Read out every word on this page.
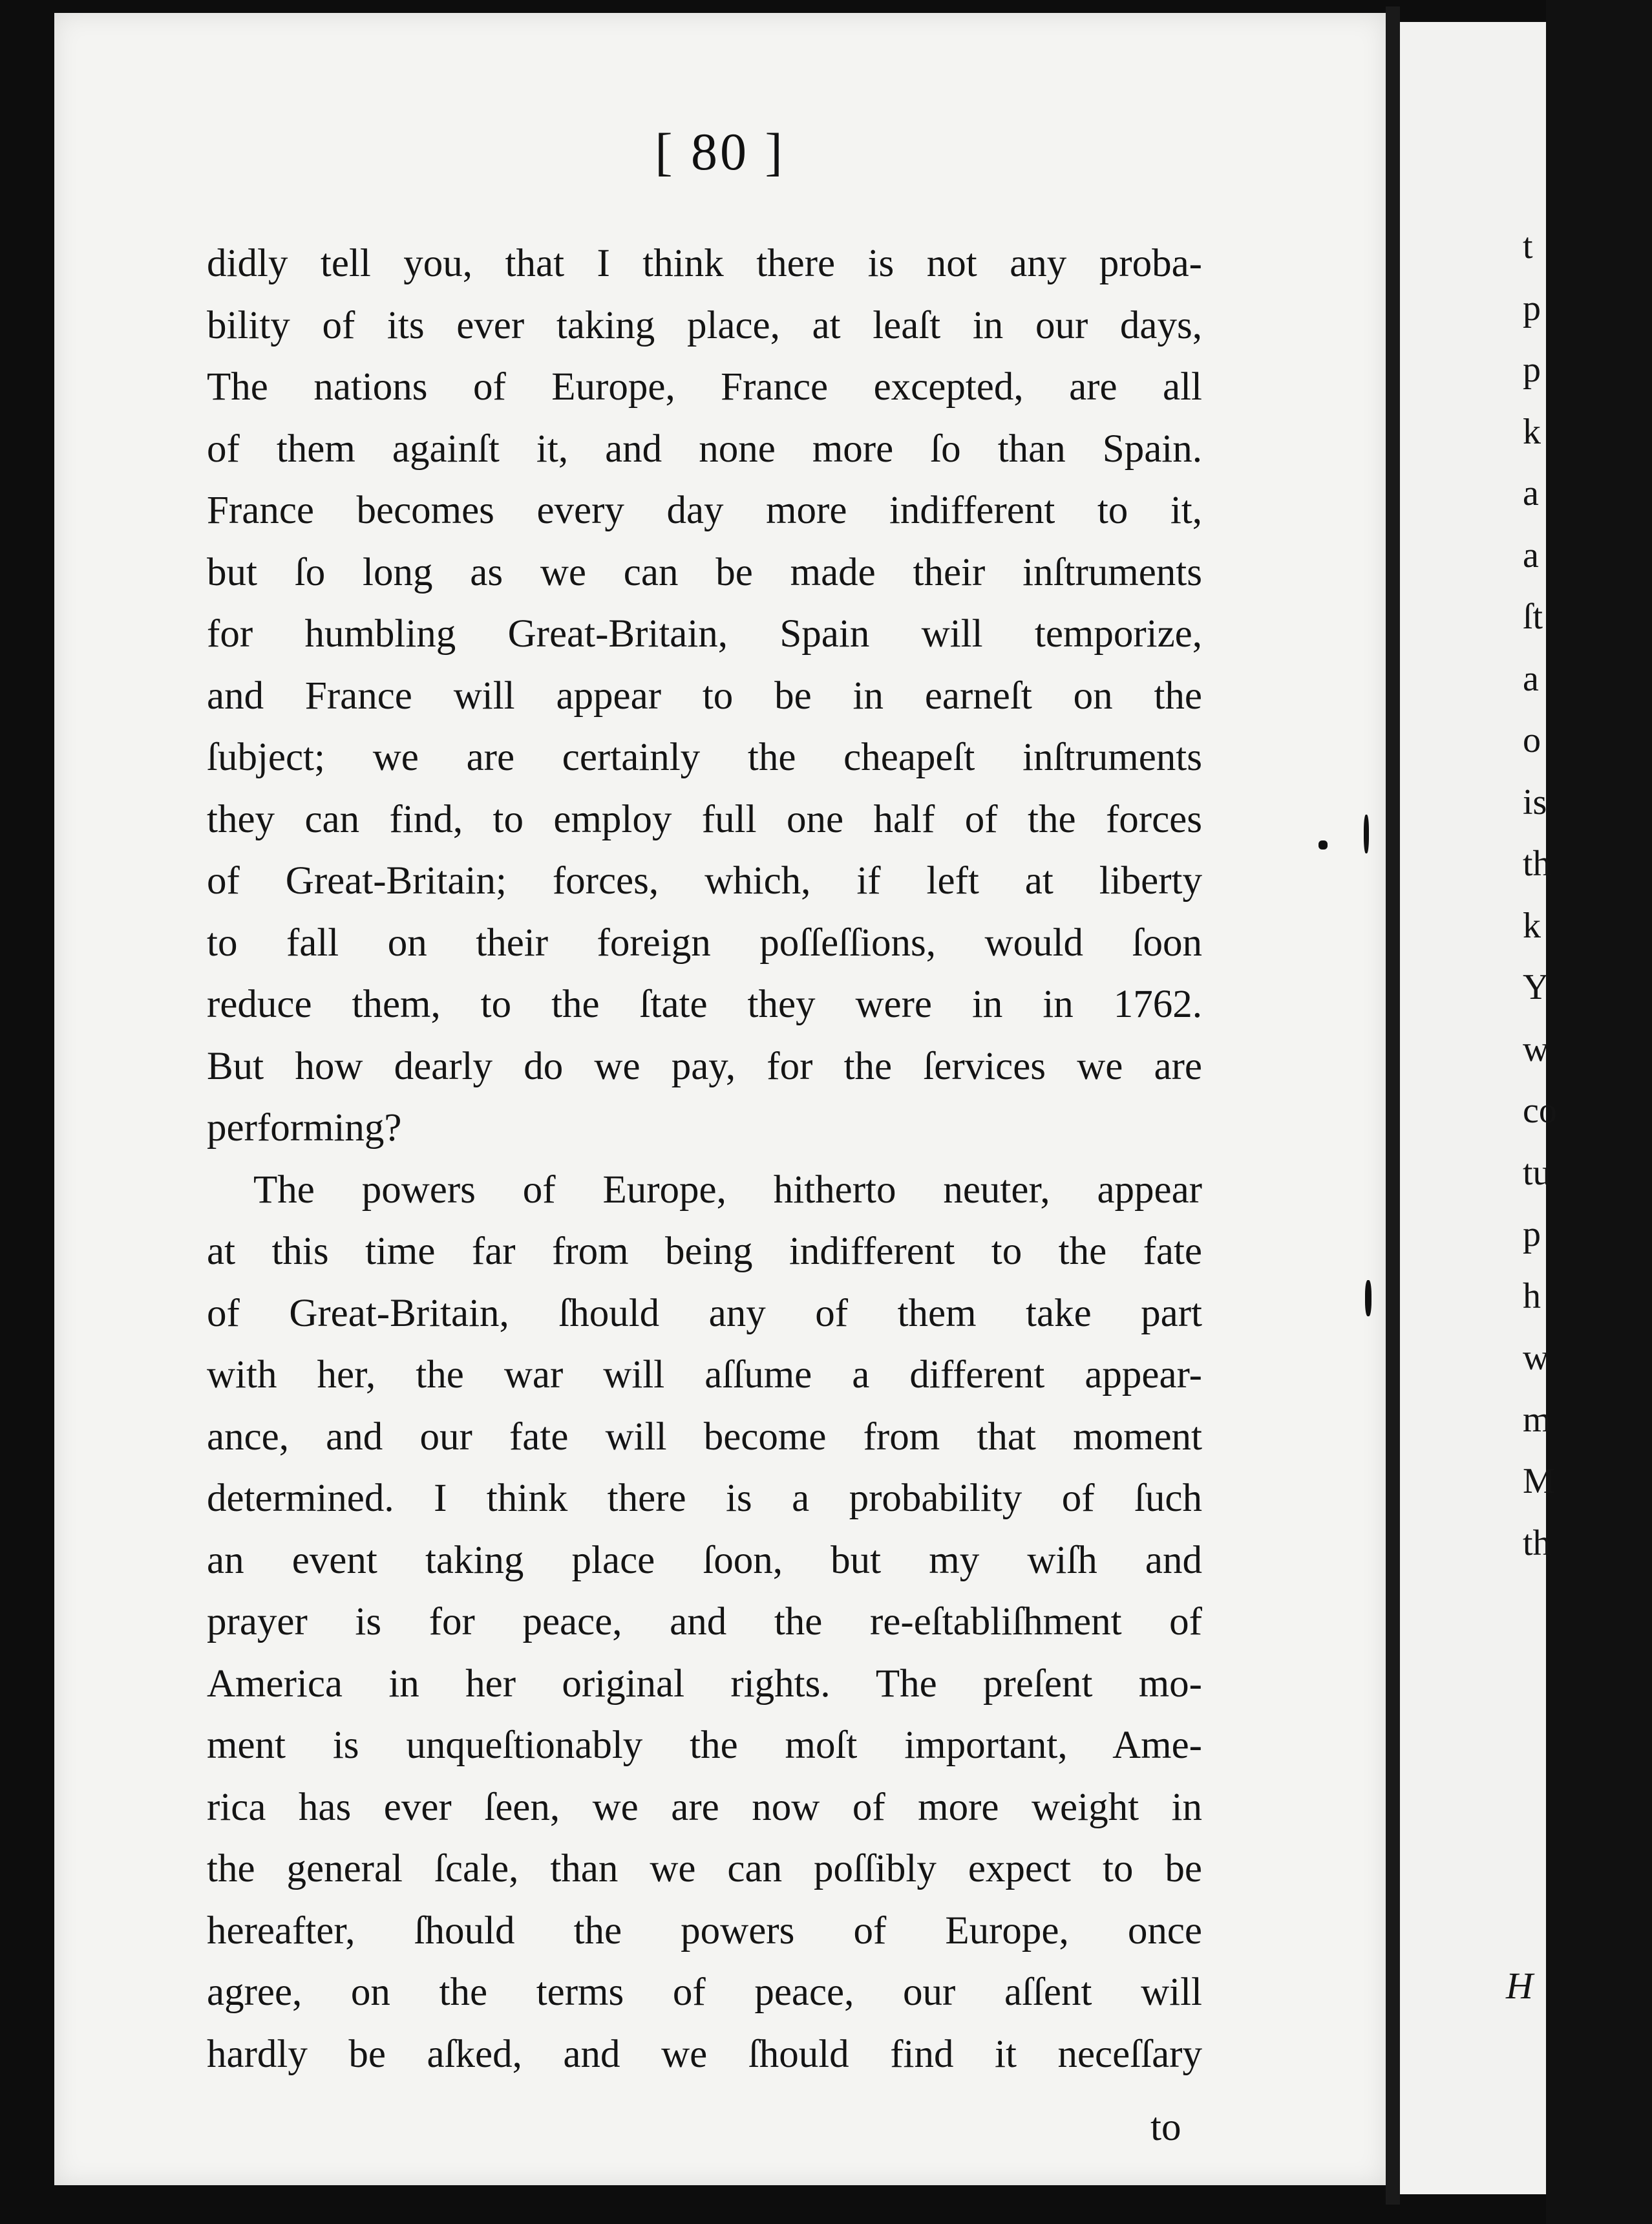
[ 80 ]
didly tell you, that I think there is not any proba-
bility of its ever taking place, at leaſt in our days,
The nations of Europe, France excepted, are all
of them againſt it, and none more ſo than Spain.
France becomes every day more indifferent to it,
but ſo long as we can be made their inſtruments
for humbling Great-Britain, Spain will temporize,
and France will appear to be in earneſt on the
ſubject; we are certainly the cheapeſt inſtruments
they can find, to employ full one half of the forces
of Great-Britain; forces, which, if left at liberty
to fall on their foreign poſſeſſions, would ſoon
reduce them, to the ſtate they were in in 1762.
But how dearly do we pay, for the ſervices we are
performing?
The powers of Europe, hitherto neuter, appear
at this time far from being indifferent to the fate
of Great-Britain, ſhould any of them take part
with her, the war will aſſume a different appear-
ance, and our fate will become from that moment
determined. I think there is a probability of ſuch
an event taking place ſoon, but my wiſh and
prayer is for peace, and the re-eſtabliſhment of
America in her original rights. The preſent mo-
ment is unqueſtionably the moſt important, Ame-
rica has ever ſeen, we are now of more weight in
the general ſcale, than we can poſſibly expect to be
hereafter, ſhould the powers of Europe, once
agree, on the terms of peace, our aſſent will
hardly be aſked, and we ſhould find it neceſſary
to
t
p
p
k
a
a
ſt
a
o
is
th
k
Y
w
co
tu
p
h
w
m
M
th
H
